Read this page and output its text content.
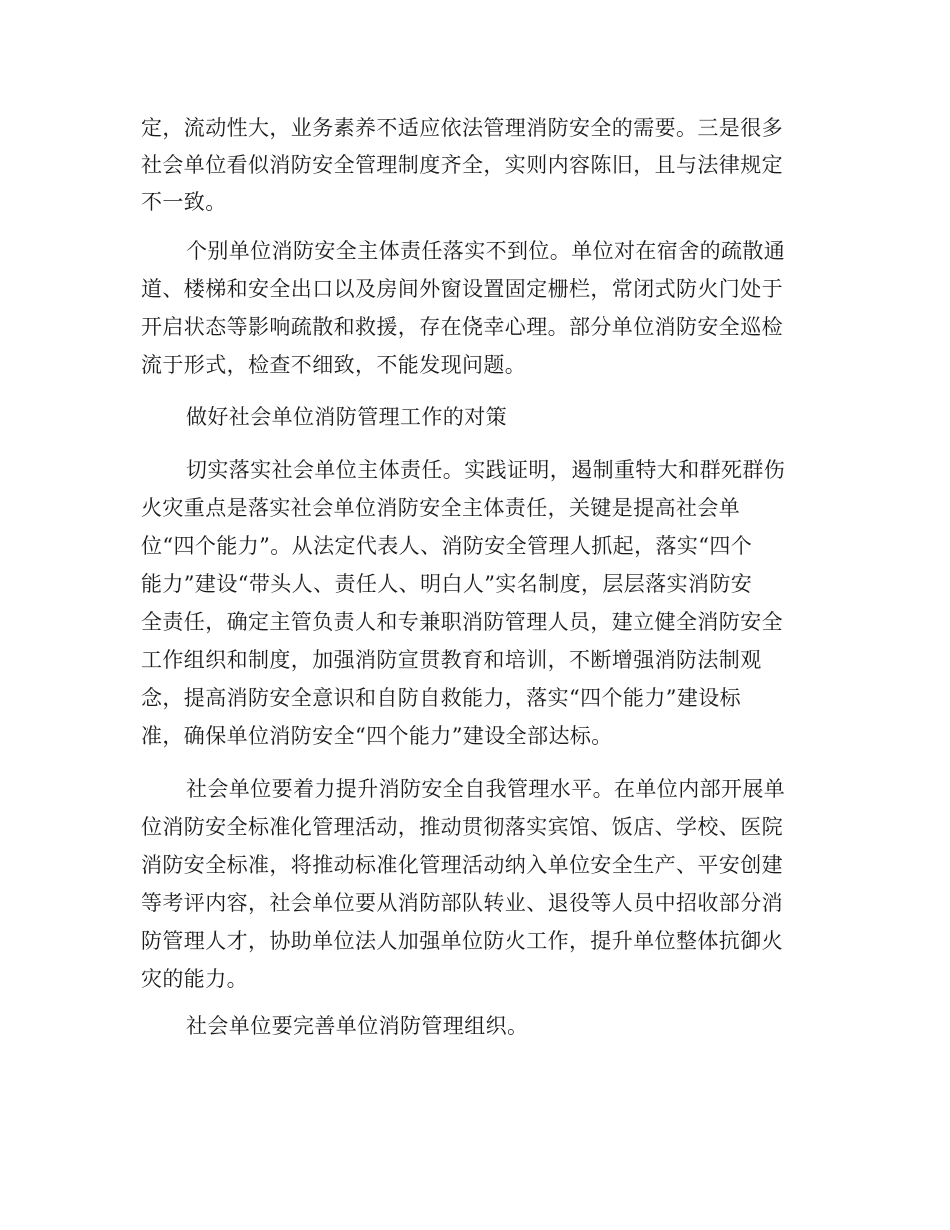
定，流动性大，业务素养不适应依法管理消防安全的需要。三是很多
社会单位看似消防安全管理制度齐全，实则内容陈旧，且与法律规定
不一致。
个别单位消防安全主体责任落实不到位。单位对在宿舍的疏散通
道、楼梯和安全出口以及房间外窗设置固定栅栏，常闭式防火门处于
开启状态等影响疏散和救援，存在侥幸心理。部分单位消防安全巡检
流于形式，检查不细致，不能发现问题。
做好社会单位消防管理工作的对策
切实落实社会单位主体责任。实践证明，遏制重特大和群死群伤
火灾重点是落实社会单位消防安全主体责任，关键是提高社会单
位“四个能力”。从法定代表人、消防安全管理人抓起，落实“四个
能力”建设“带头人、责任人、明白人”实名制度，层层落实消防安
全责任，确定主管负责人和专兼职消防管理人员，建立健全消防安全
工作组织和制度，加强消防宣贯教育和培训，不断增强消防法制观
念，提高消防安全意识和自防自救能力，落实“四个能力”建设标
准，确保单位消防安全“四个能力”建设全部达标。
社会单位要着力提升消防安全自我管理水平。在单位内部开展单
位消防安全标准化管理活动，推动贯彻落实宾馆、饭店、学校、医院
消防安全标准，将推动标准化管理活动纳入单位安全生产、平安创建
等考评内容，社会单位要从消防部队转业、退役等人员中招收部分消
防管理人才，协助单位法人加强单位防火工作，提升单位整体抗御火
灾的能力。
社会单位要完善单位消防管理组织。
